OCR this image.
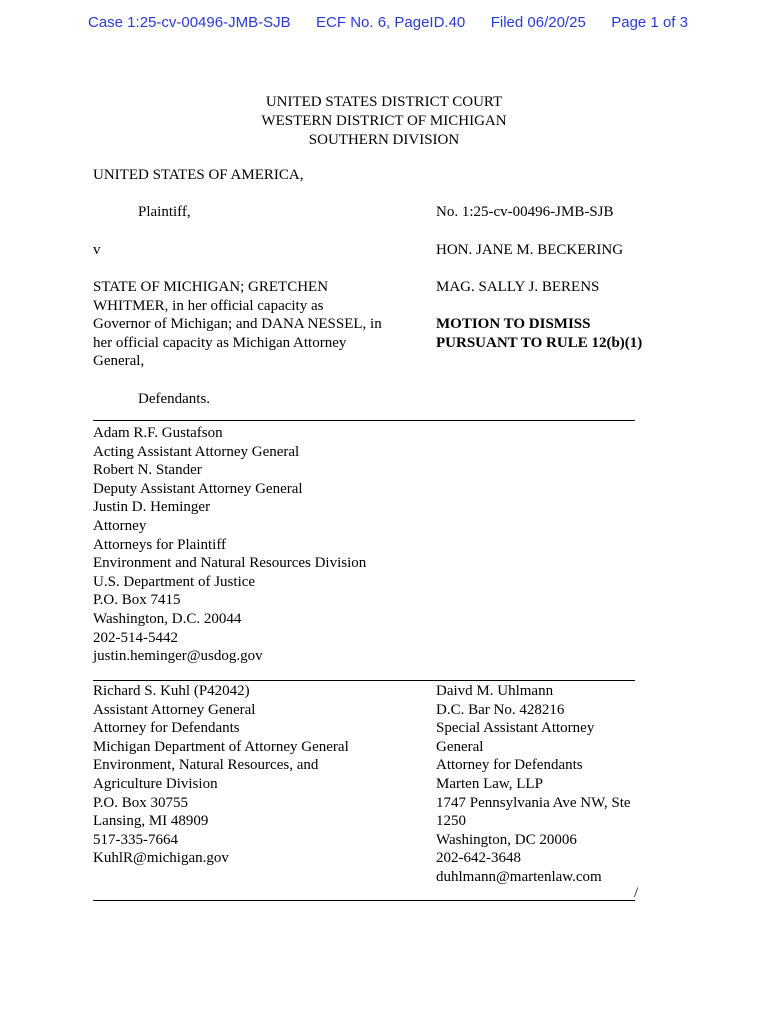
Case 1:25-cv-00496-JMB-SJB ECF No. 6, PageID.40 Filed 06/20/25 Page 1 of 3
UNITED STATES DISTRICT COURT
WESTERN DISTRICT OF MICHIGAN
SOUTHERN DIVISION
UNITED STATES OF AMERICA,
Plaintiff,
v
STATE OF MICHIGAN; GRETCHEN
WHITMER, in her official capacity as
Governor of Michigan; and DANA NESSEL, in
her official capacity as Michigan Attorney
General,
Defendants.
No. 1:25-cv-00496-JMB-SJB
HON. JANE M. BECKERING
MAG. SALLY J. BERENS
MOTION TO DISMISS
PURSUANT TO RULE 12(b)(1)
Adam R.F. Gustafson
Acting Assistant Attorney General
Robert N. Stander
Deputy Assistant Attorney General
Justin D. Heminger
Attorney
Attorneys for Plaintiff
Environment and Natural Resources Division
U.S. Department of Justice
P.O. Box 7415
Washington, D.C. 20044
202-514-5442
justin.heminger@usdog.gov
Richard S. Kuhl (P42042)
Assistant Attorney General
Attorney for Defendants
Michigan Department of Attorney General
Environment, Natural Resources, and
Agriculture Division
P.O. Box 30755
Lansing, MI 48909
517-335-7664
KuhlR@michigan.gov
Daivd M. Uhlmann
D.C. Bar No. 428216
Special Assistant Attorney
General
Attorney for Defendants
Marten Law, LLP
1747 Pennsylvania Ave NW, Ste
1250
Washington, DC 20006
202-642-3648
duhlmann@martenlaw.com
/
